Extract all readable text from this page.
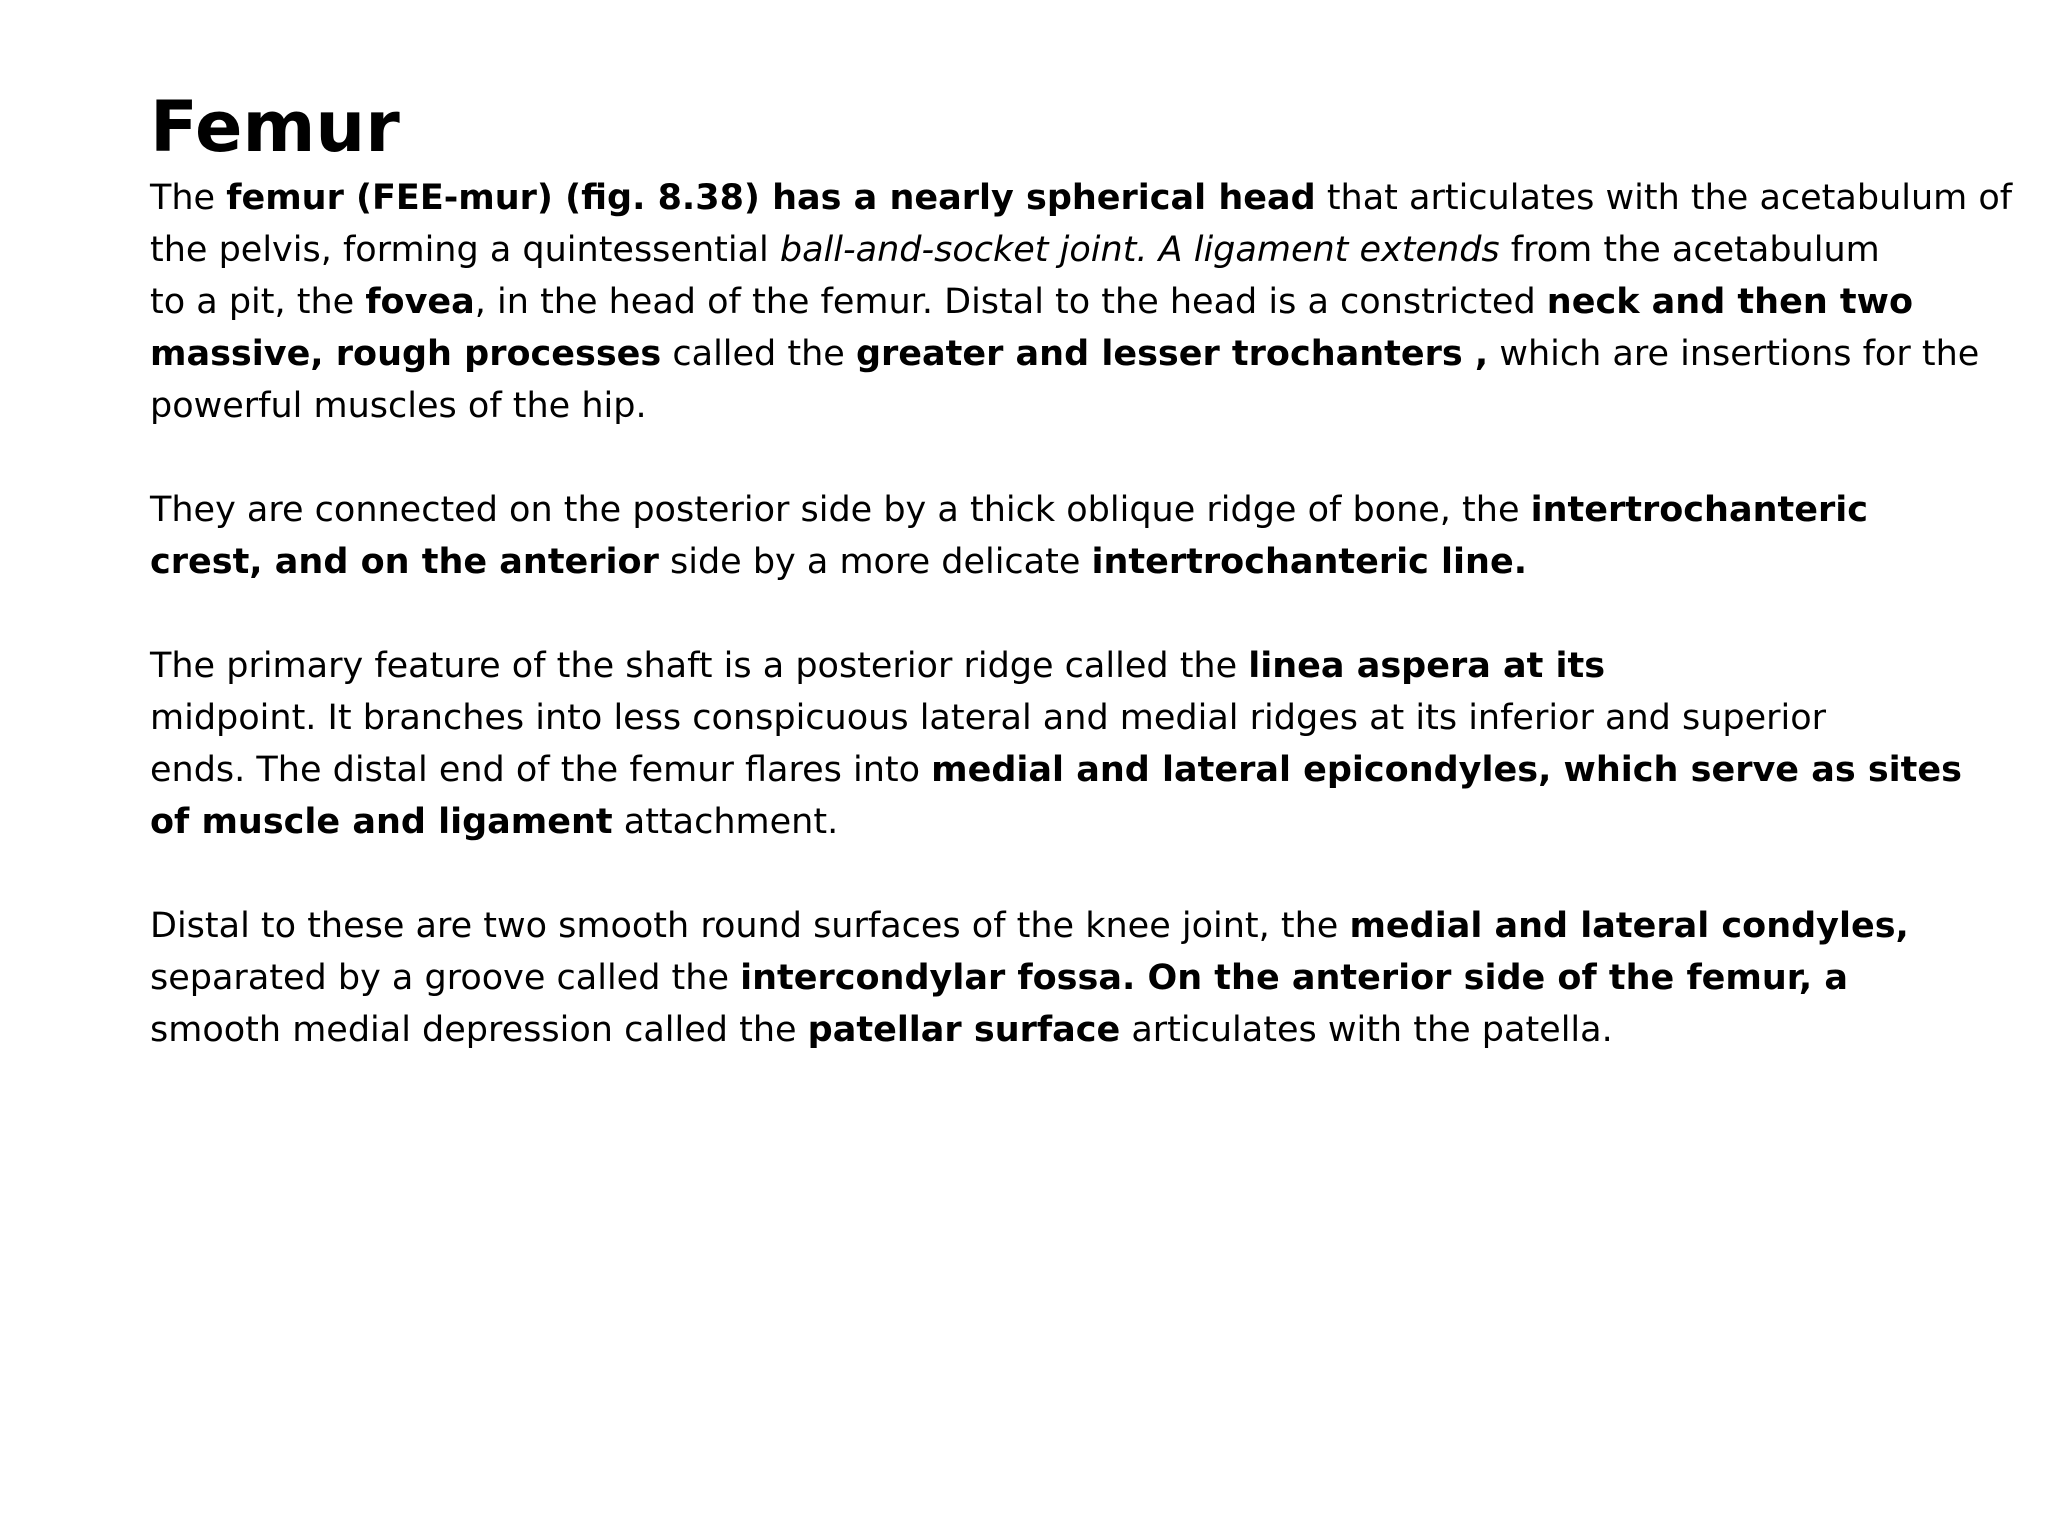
Femur

The femur (FEE-mur) (fig. 8.38) has a nearly spherical head that articulates with the acetabulum of
the pelvis, forming a quintessential ball-and-socket joint. A ligament extends from the acetabulum
to a pit, the fovea, in the head of the femur. Distal to the head is a constricted neck and then two
massive, rough processes called the greater and lesser trochanters , which are insertions for the
powerful muscles of the hip.

They are connected on the posterior side by a thick oblique ridge of bone, the intertrochanteric
crest, and on the anterior side by a more delicate intertrochanteric line.

The primary feature of the shaft is a posterior ridge called the linea aspera at its
midpoint. It branches into less conspicuous lateral and medial ridges at its inferior and superior
ends. The distal end of the femur flares into medial and lateral epicondyles, which serve as sites
of muscle and ligament attachment.

Distal to these are two smooth round surfaces of the knee joint, the medial and lateral condyles,
separated by a groove called the intercondylar fossa. On the anterior side of the femur, a
smooth medial depression called the patellar surface articulates with the patella.
